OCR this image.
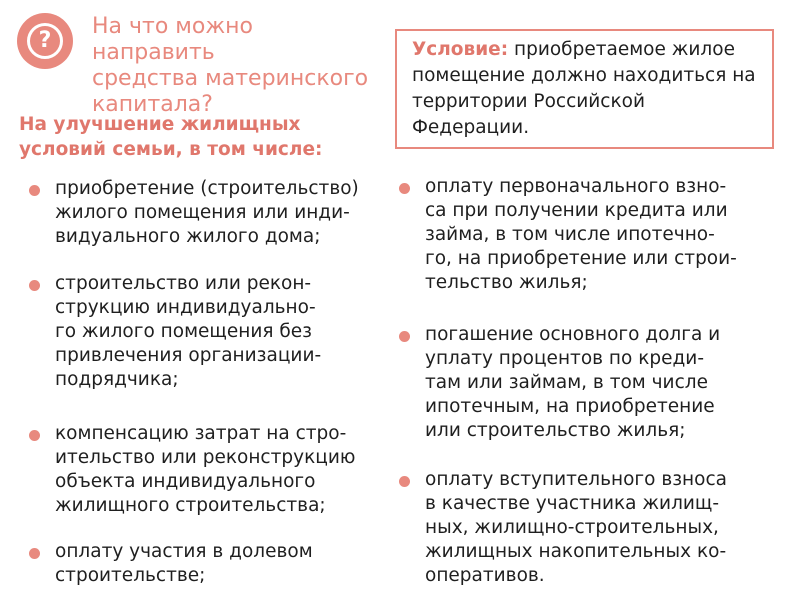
?
На что можно направить
средства материнского
капитала?
На улучшение жилищных
условий семьи, в том числе:
Условие: приобретаемое жилое
помещение должно находиться на
территории Российской
Федерации.
приобретение (строительство)
жилого помещения или инди-
видуального жилого дома;
строительство или рекон-
струкцию индивидуально-
го жилого помещения без
привлечения организации-
подрядчика;
компенсацию затрат на стро-
ительство или реконструкцию
объекта индивидуального
жилищного строительства;
оплату участия в долевом
строительстве;
оплату первоначального взно-
са при получении кредита или
займа, в том числе ипотечно-
го, на приобретение или строи-
тельство жилья;
погашение основного долга и
уплату процентов по креди-
там или займам, в том числе
ипотечным, на приобретение
или строительство жилья;
оплату вступительного взноса
в качестве участника жилищ-
ных, жилищно-строительных,
жилищных накопительных ко-
оперативов.
